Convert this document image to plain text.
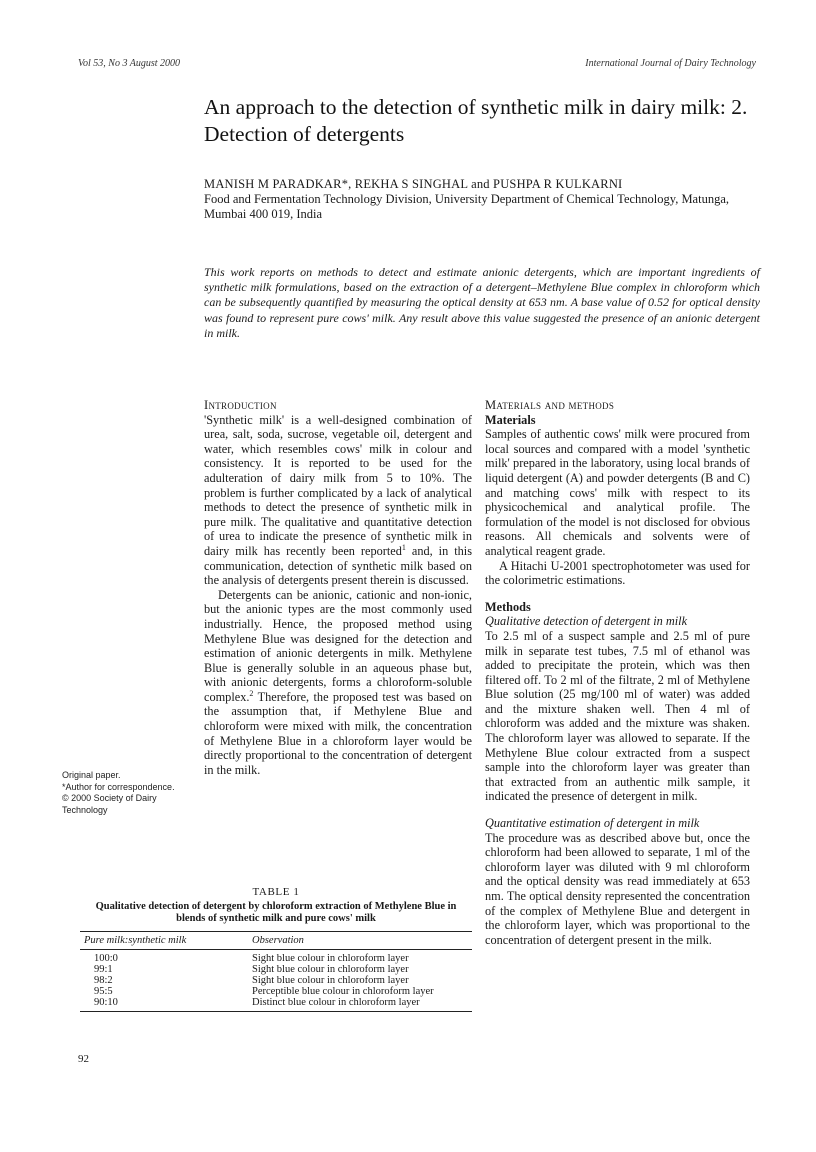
Vol 53, No 3 August 2000	International Journal of Dairy Technology
An approach to the detection of synthetic milk in dairy milk: 2. Detection of detergents
MANISH M PARADKAR*, REKHA S SINGHAL and PUSHPA R KULKARNI
Food and Fermentation Technology Division, University Department of Chemical Technology, Matunga, Mumbai 400 019, India
This work reports on methods to detect and estimate anionic detergents, which are important ingredients of synthetic milk formulations, based on the extraction of a detergent–Methylene Blue complex in chloroform which can be subsequently quantified by measuring the optical density at 653 nm. A base value of 0.52 for optical density was found to represent pure cows' milk. Any result above this value suggested the presence of an anionic detergent in milk.

Introduction

'Synthetic milk' is a well-designed combination of urea, salt, soda, sucrose, vegetable oil, detergent and water, which resembles cows' milk in colour and consistency. It is reported to be used for the adulteration of dairy milk from 5 to 10%. The problem is further complicated by a lack of analytical methods to detect the presence of synthetic milk in pure milk. The qualitative and quantitative detection of urea to indicate the presence of synthetic milk in dairy milk has recently been reported$^1$ and, in this communication, detection of synthetic milk based on the analysis of detergents present therein is discussed.

Detergents can be anionic, cationic and non-ionic, but the anionic types are the most commonly used industrially. Hence, the proposed method using Methylene Blue was designed for the detection and estimation of anionic detergents in milk. Methylene Blue is generally soluble in an aqueous phase but, with anionic detergents, forms a chloroform-soluble complex.$^2$ Therefore, the proposed test was based on the assumption that, if Methylene Blue and chloroform were mixed with milk, the concentration of Methylene Blue in a chloroform layer would be directly proportional to the concentration of detergent in the milk.

Materials and methods

Materials

Samples of authentic cows' milk were procured from local sources and compared with a model 'synthetic milk' prepared in the laboratory, using local brands of liquid detergent (A) and powder detergents (B and C) and matching cows' milk with respect to its physicochemical and analytical profile. The formulation of the model is not disclosed for obvious reasons. All chemicals and solvents were of analytical reagent grade.

A Hitachi U-2001 spectrophotometer was used for the colorimetric estimations.

Methods

Qualitative detection of detergent in milk

To 2.5 ml of a suspect sample and 2.5 ml of pure milk in separate test tubes, 7.5 ml of ethanol was added to precipitate the protein, which was then filtered off. To 2 ml of the filtrate, 2 ml of Methylene Blue solution (25 mg/100 ml of water) was added and the mixture shaken well. Then 4 ml of chloroform was added and the mixture was shaken. The chloroform layer was allowed to separate. If the Methylene Blue colour extracted from a suspect sample into the chloroform layer was greater than that extracted from an authentic milk sample, it indicated the presence of detergent in milk.

Quantitative estimation of detergent in milk

The procedure was as described above but, once the chloroform had been allowed to separate, 1 ml of the chloroform layer was diluted with 9 ml chloroform and the optical density was read immediately at 653 nm. The optical density represented the concentration of the complex of Methylene Blue and detergent in the chloroform layer, which was proportional to the concentration of detergent present in the milk.

Original paper.
*Author for correspondence.
© 2000 Society of Dairy Technology
TABLE 1
Qualitative detection of detergent by chloroform extraction of Methylene Blue in blends of synthetic milk and pure cows' milk
Pure milk:synthetic milk	Observation
100:0	Sight blue colour in chloroform layer
99:1	Sight blue colour in chloroform layer
98:2	Sight blue colour in chloroform layer
95:5	Perceptible blue colour in chloroform layer
90:10	Distinct blue colour in chloroform layer
92
